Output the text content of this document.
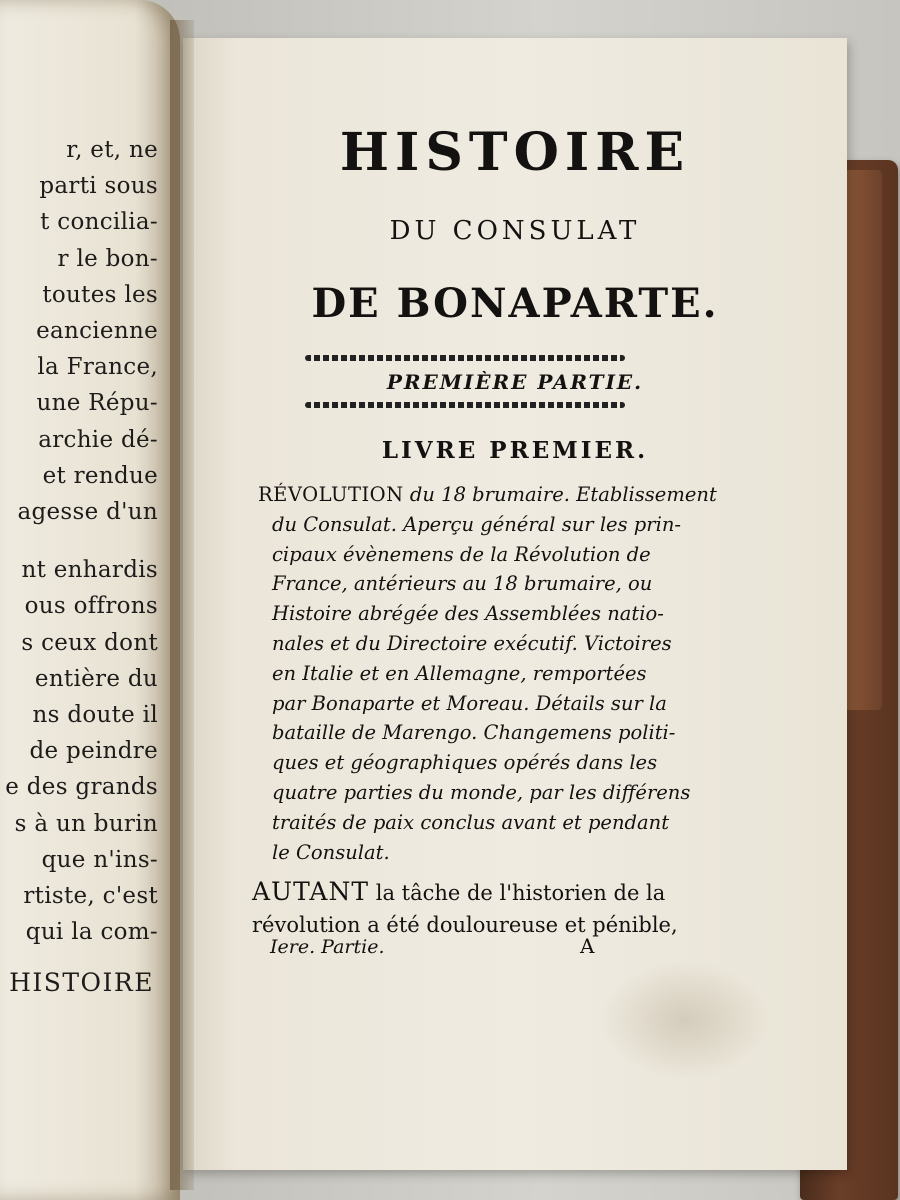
r, et, ne
parti sous
t concilia-
r le bon-
toutes les
eancienne
la France,
une Répu-
archie dé-
et rendue
agesse d'un
nt enhardis
ous offrons
s ceux dont
entière du
ns doute il
de peindre
e des grands
s à un burin
que n'ins-
rtiste, c'est
qui la com-
HISTOIRE
HISTOIRE
DU CONSULAT
DE BONAPARTE.
PREMIÈRE PARTIE.
LIVRE PREMIER.
RÉVOLUTION du 18 brumaire. Etablissement
du Consulat. Aperçu général sur les prin-
cipaux évènemens de la Révolution de
France, antérieurs au 18 brumaire, ou
Histoire abrégée des Assemblées natio-
nales et du Directoire exécutif. Victoires
en Italie et en Allemagne, remportées
par Bonaparte et Moreau. Détails sur la
bataille de Marengo. Changemens politi-
ques et géographiques opérés dans les
quatre parties du monde, par les différens
traités de paix conclus avant et pendant
le Consulat.
AUTANT la tâche de l'historien de la
révolution a été douloureuse et pénible,
Iere. Partie.	A
